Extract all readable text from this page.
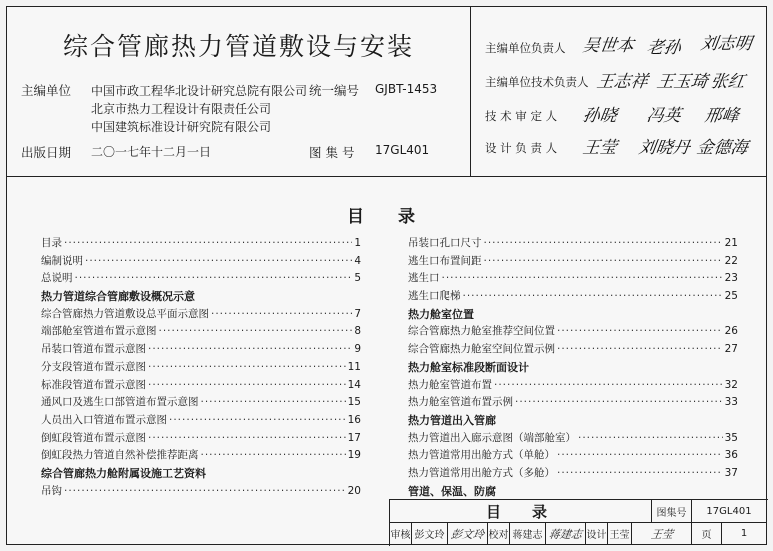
综合管廊热力管道敷设与安装
主编单位 中国市政工程华北设计研究总院有限公司
北京市热力工程设计有限责任公司
中国建筑标准设计研究院有限公司
统一编号 GJBT-1453
出版日期 二〇一七年十二月一日	图 集 号 17GL401
主编单位负责人 吴世本 老孙 刘志明
主编单位技术负责人 王志祥 王玉琦 张红
技 术 审 定 人 孙晓 冯英 邢峰
设 计 负 责 人 王莹 刘晓丹 金德海
目　　录
目录 ·····	1
编制说明 ·····	4
总说明 ·····	5
热力管道综合管廊敷设概况示意
综合管廊热力管道敷设总平面示意图 ·····	7
端部舱室管道布置示意图 ·····	8
吊装口管道布置示意图 ·····	9
分支段管道布置示意图 ·····	11
标准段管道布置示意图 ·····	14
通风口及逃生口部管道布置示意图 ·····	15
人员出入口管道布置示意图 ·····	16
倒虹段管道布置示意图 ·····	17
倒虹段热力管道自然补偿推荐距离 ·····	19
综合管廊热力舱附属设施工艺资料
吊钩 ·····	20
吊装口孔口尺寸 ·····	21
逃生口布置间距 ·····	22
逃生口 ·····	23
逃生口爬梯 ·····	25
热力舱室位置
综合管廊热力舱室推荐空间位置 ·····	26
综合管廊热力舱室空间位置示例 ·····	27
热力舱室标准段断面设计
热力舱室管道布置 ·····	32
热力舱室管道布置示例 ·····	33
热力管道出入管廊
热力管道出入廊示意图（端部舱室） ·····	35
热力管道常用出舱方式（单舱） ·····	36
热力管道常用出舱方式（多舱） ·····	37
管道、保温、防腐
目　录	图集号	17GL401
审核 彭文玲 彭文玲 校对 蒋建志 蒋建志 设计 王莹 王莹	页	1
